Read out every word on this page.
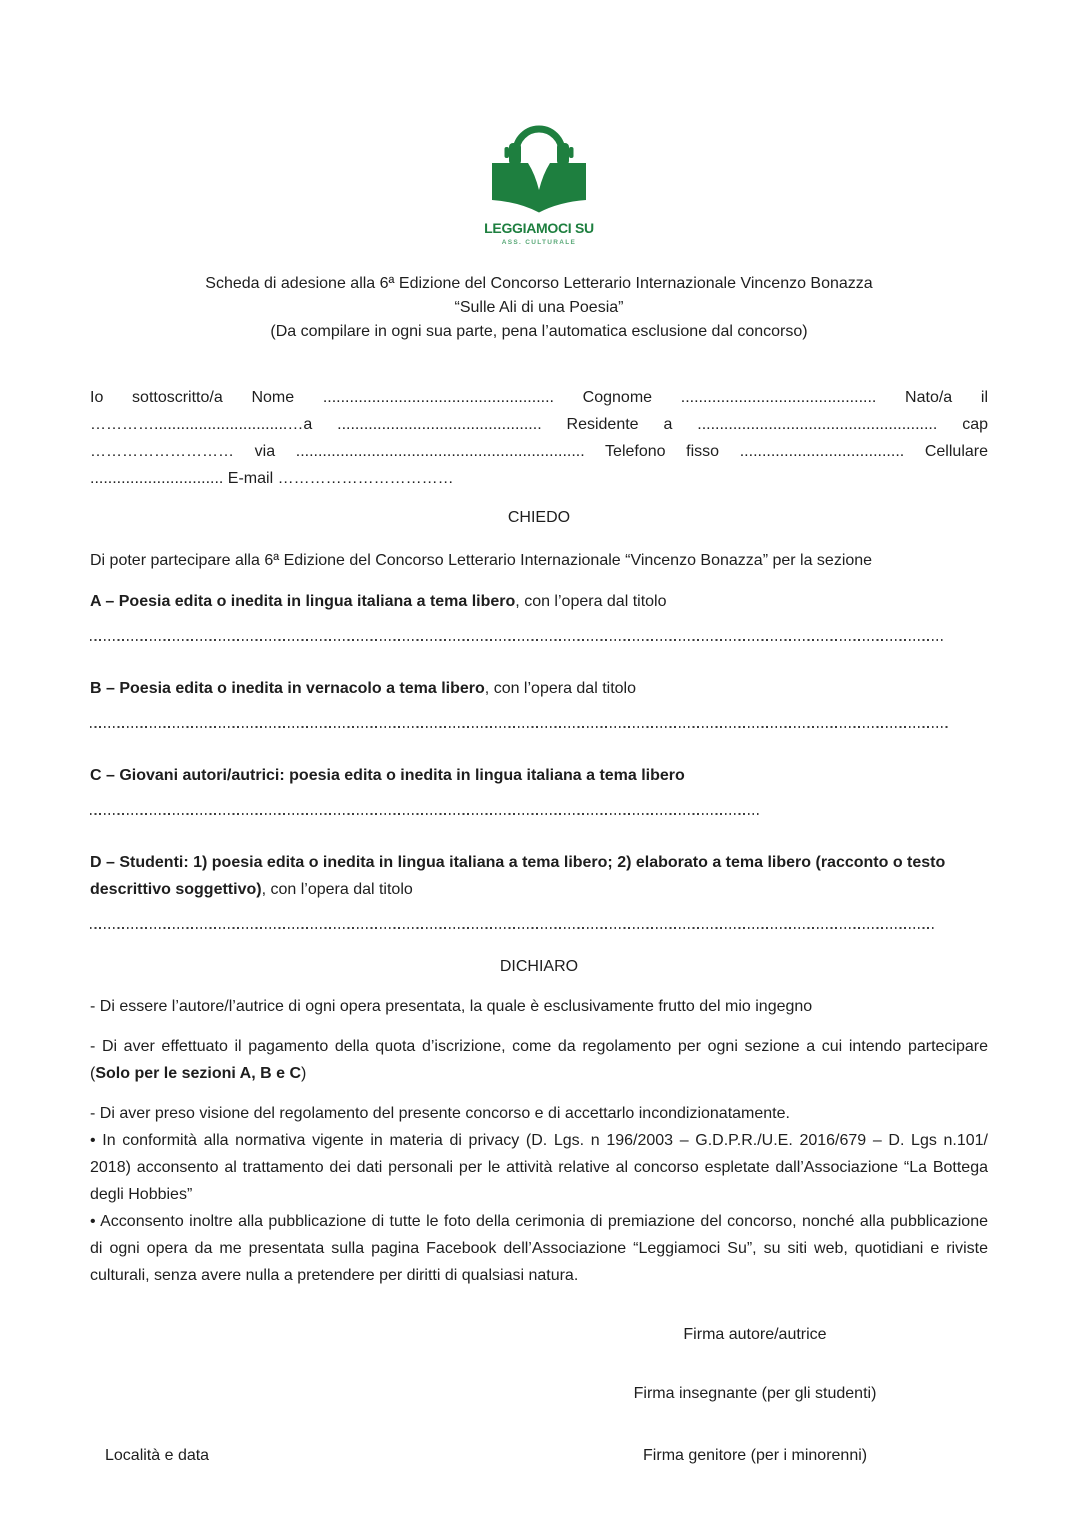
LEGGIAMOCI SU
ASS. CULTURALE
Scheda di adesione alla 6ª Edizione del Concorso Letterario Internazionale Vincenzo Bonazza
“Sulle Ali di una Poesia”
(Da compilare in ogni sua parte, pena l’automatica esclusione dal concorso)
Io sottoscritto/a Nome .................................................... Cognome ............................................ Nato/a il
…………..............................…a .............................................. Residente a ...................................................... cap
……………………… via ................................................................. Telefono fisso ..................................... Cellulare
.............................. E-mail ……………………………
CHIEDO

Di poter partecipare alla 6ª Edizione del Concorso Letterario Internazionale “Vincenzo Bonazza” per la sezione

A – Poesia edita o inedita in lingua italiana a tema libero, con l’opera dal titolo

B – Poesia edita o inedita in vernacolo a tema libero, con l’opera dal titolo

C – Giovani autori/autrici: poesia edita o inedita in lingua italiana a tema libero

D – Studenti: 1) poesia edita o inedita in lingua italiana a tema libero; 2) elaborato a tema libero (racconto o testo descrittivo soggettivo), con l’opera dal titolo

DICHIARO

- Di essere l’autore/l’autrice di ogni opera presentata, la quale è esclusivamente frutto del mio ingegno

- Di aver effettuato il pagamento della quota d’iscrizione, come da regolamento per ogni sezione a cui intendo partecipare (Solo per le sezioni A, B e C)

- Di aver preso visione del regolamento del presente concorso e di accettarlo incondizionatamente.

• In conformità alla normativa vigente in materia di privacy (D. Lgs. n 196/2003 – G.D.P.R./U.E. 2016/679 – D. Lgs n.101/ 2018) acconsento al trattamento dei dati personali per le attività relative al concorso espletate dall’Associazione “La Bottega degli Hobbies”

• Acconsento inoltre alla pubblicazione di tutte le foto della cerimonia di premiazione del concorso, nonché alla pubblicazione di ogni opera da me presentata sulla pagina Facebook dell’Associazione “Leggiamoci Su”, su siti web, quotidiani e riviste culturali, senza avere nulla a pretendere per diritti di qualsiasi natura.

Firma autore/autrice
Firma insegnante (per gli studenti)
Località e data	Firma genitore (per i minorenni)
